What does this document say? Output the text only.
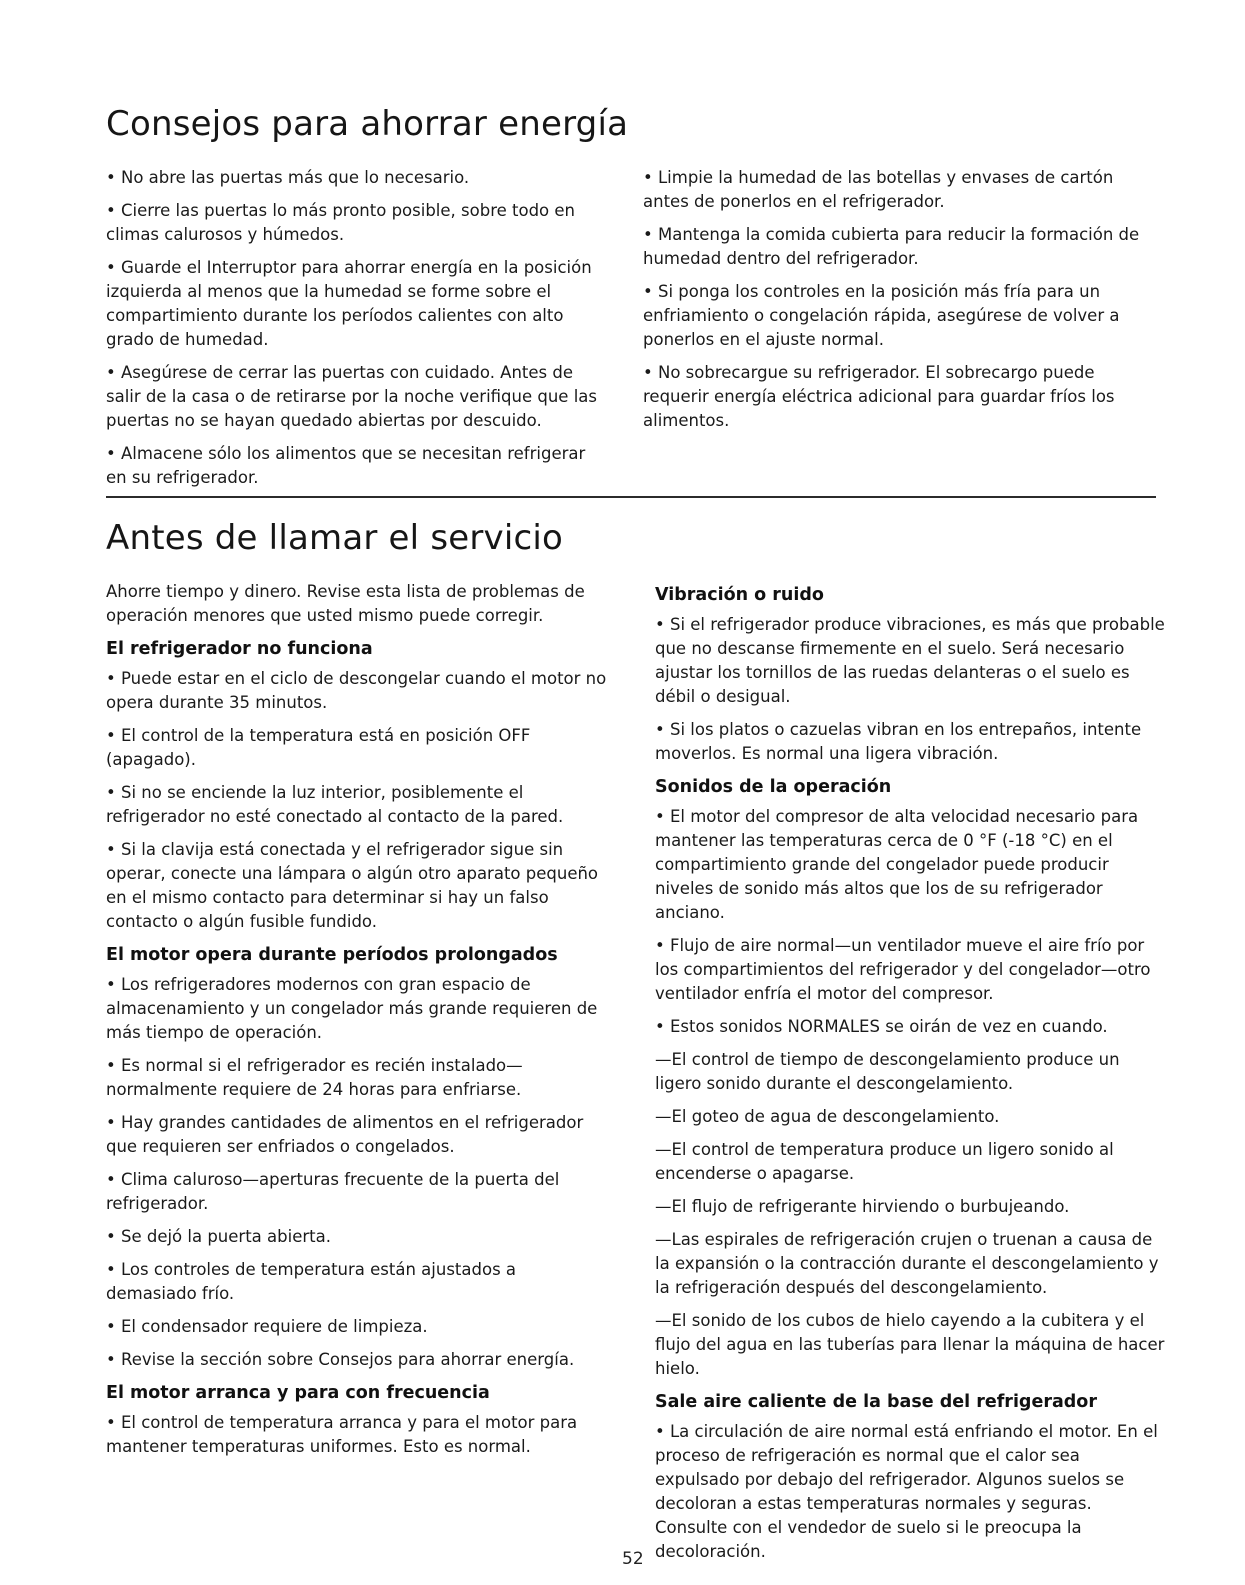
Consejos para ahorrar energía

• No abre las puertas más que lo necesario.

• Cierre las puertas lo más pronto posible, sobre todo en climas calurosos y húmedos.

• Guarde el Interruptor para ahorrar energía en la posición izquierda al menos que la humedad se forme sobre el compartimiento durante los períodos calientes con alto grado de humedad.

• Asegúrese de cerrar las puertas con cuidado. Antes de salir de la casa o de retirarse por la noche verifique que las puertas no se hayan quedado abiertas por descuido.

• Almacene sólo los alimentos que se necesitan refrigerar en su refrigerador.

• Limpie la humedad de las botellas y envases de cartón antes de ponerlos en el refrigerador.

• Mantenga la comida cubierta para reducir la formación de humedad dentro del refrigerador.

• Si ponga los controles en la posición más fría para un enfriamiento o congelación rápida, asegúrese de volver a ponerlos en el ajuste normal.

• No sobrecargue su refrigerador. El sobrecargo puede requerir energía eléctrica adicional para guardar fríos los alimentos.

Antes de llamar el servicio

Ahorre tiempo y dinero. Revise esta lista de problemas de operación menores que usted mismo puede corregir.

El refrigerador no funciona

• Puede estar en el ciclo de descongelar cuando el motor no opera durante 35 minutos.

• El control de la temperatura está en posición OFF (apagado).

• Si no se enciende la luz interior, posiblemente el refrigerador no esté conectado al contacto de la pared.

• Si la clavija está conectada y el refrigerador sigue sin operar, conecte una lámpara o algún otro aparato pequeño en el mismo contacto para determinar si hay un falso contacto o algún fusible fundido.

El motor opera durante períodos prolongados

• Los refrigeradores modernos con gran espacio de almacenamiento y un congelador más grande requieren de más tiempo de operación.

• Es normal si el refrigerador es recién instalado—normalmente requiere de 24 horas para enfriarse.

• Hay grandes cantidades de alimentos en el refrigerador que requieren ser enfriados o congelados.

• Clima caluroso—aperturas frecuente de la puerta del refrigerador.

• Se dejó la puerta abierta.

• Los controles de temperatura están ajustados a demasiado frío.

• El condensador requiere de limpieza.

• Revise la sección sobre Consejos para ahorrar energía.

El motor arranca y para con frecuencia

• El control de temperatura arranca y para el motor para mantener temperaturas uniformes. Esto es normal.

Vibración o ruido

• Si el refrigerador produce vibraciones, es más que probable que no descanse firmemente en el suelo. Será necesario ajustar los tornillos de las ruedas delanteras o el suelo es débil o desigual.

• Si los platos o cazuelas vibran en los entrepaños, intente moverlos. Es normal una ligera vibración.

Sonidos de la operación

• El motor del compresor de alta velocidad necesario para mantener las temperaturas cerca de 0 °F (-18 °C) en el compartimiento grande del congelador puede producir niveles de sonido más altos que los de su refrigerador anciano.

• Flujo de aire normal—un ventilador mueve el aire frío por los compartimientos del refrigerador y del congelador—otro ventilador enfría el motor del compresor.

• Estos sonidos NORMALES se oirán de vez en cuando.

—El control de tiempo de descongelamiento produce un ligero sonido durante el descongelamiento.

—El goteo de agua de descongelamiento.

—El control de temperatura produce un ligero sonido al encenderse o apagarse.

—El flujo de refrigerante hirviendo o burbujeando.

—Las espirales de refrigeración crujen o truenan a causa de la expansión o la contracción durante el descongelamiento y la refrigeración después del descongelamiento.

—El sonido de los cubos de hielo cayendo a la cubitera y el flujo del agua en las tuberías para llenar la máquina de hacer hielo.

Sale aire caliente de la base del refrigerador

• La circulación de aire normal está enfriando el motor. En el proceso de refrigeración es normal que el calor sea expulsado por debajo del refrigerador. Algunos suelos se decoloran a estas temperaturas normales y seguras. Consulte con el vendedor de suelo si le preocupa la decoloración.

52
